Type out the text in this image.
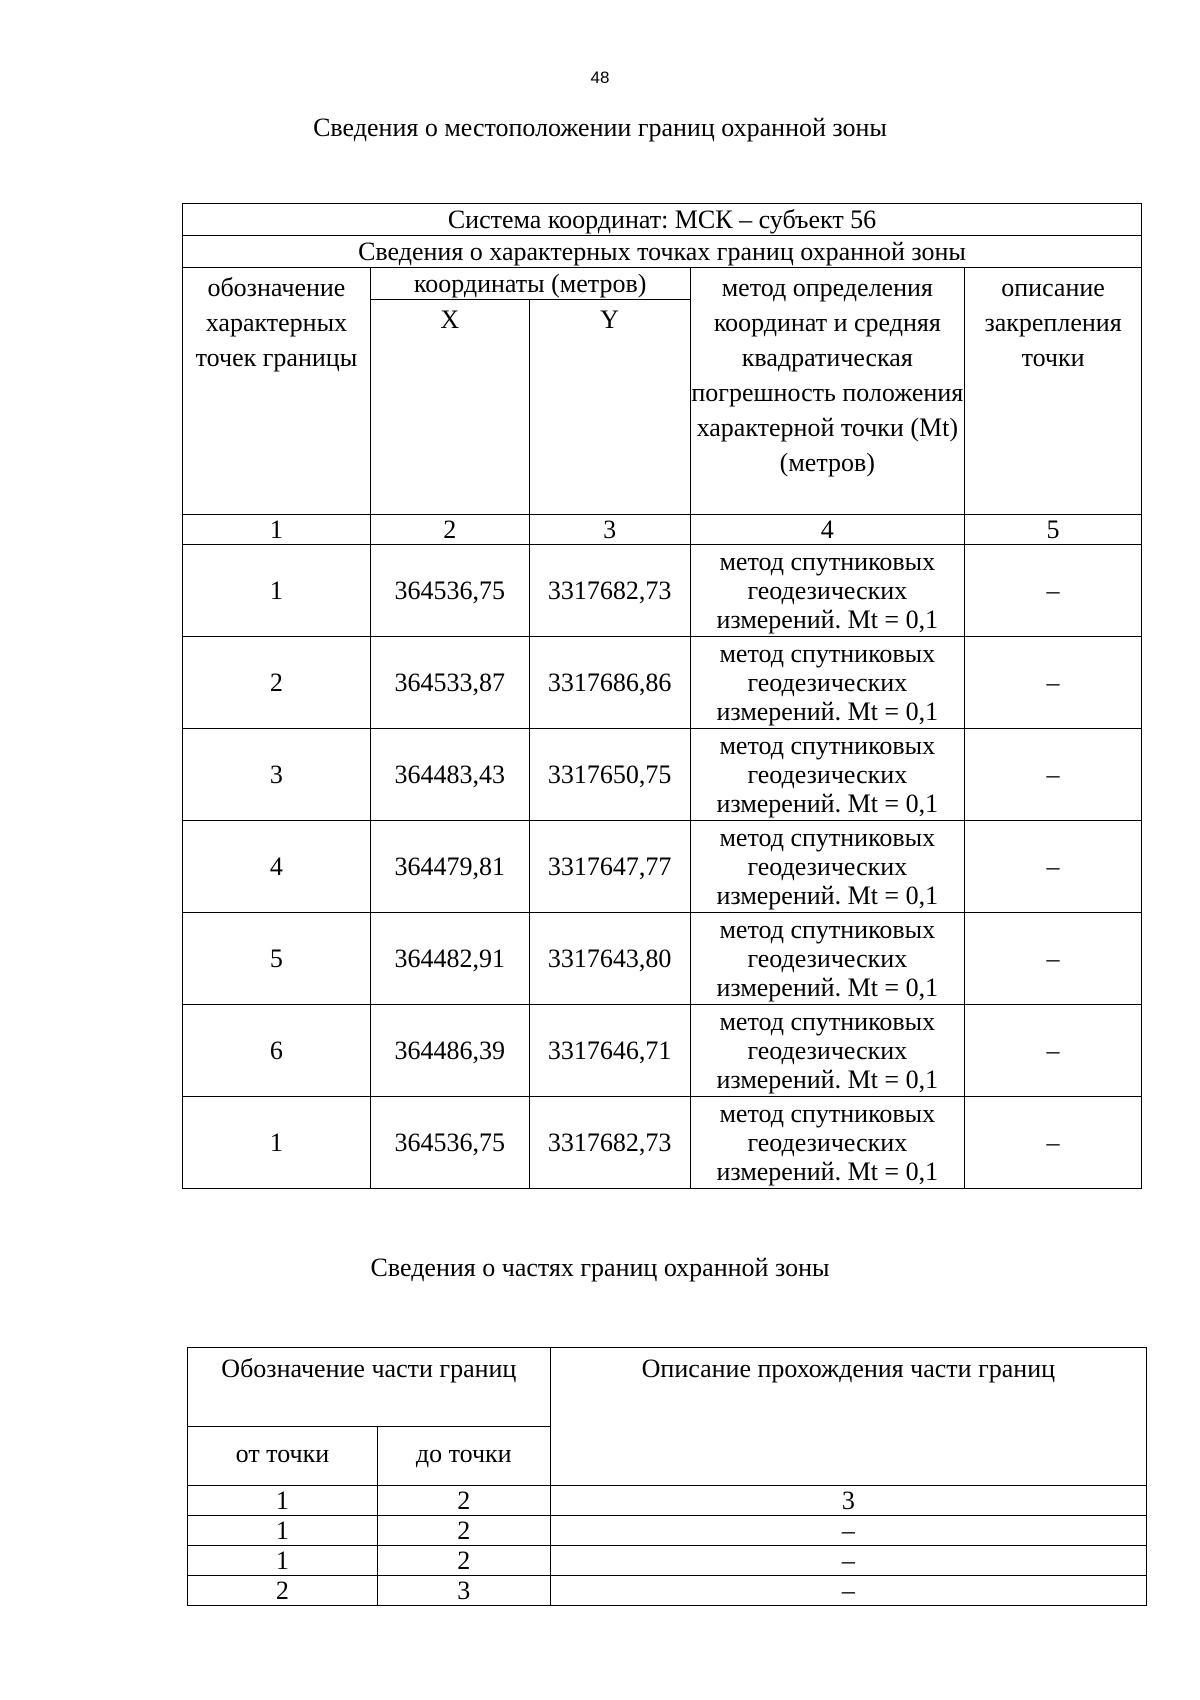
48
Сведения о местоположении границ охранной зоны
Система координат: МСК – субъект 56				
Сведения о характерных точках границ охранной зоны				
обозначение характерных точек границы	координаты (метров)		метод определения координат и средняя квадратическая погрешность положения характерной точки (Mt) (метров)	описание закрепления точки
	X	Y		
1	2	3	4	5
1	364536,75	3317682,73	метод спутниковых геодезических измерений. Mt = 0,1	–
2	364533,87	3317686,86	метод спутниковых геодезических измерений. Mt = 0,1	–
3	364483,43	3317650,75	метод спутниковых геодезических измерений. Mt = 0,1	–
4	364479,81	3317647,77	метод спутниковых геодезических измерений. Mt = 0,1	–
5	364482,91	3317643,80	метод спутниковых геодезических измерений. Mt = 0,1	–
6	364486,39	3317646,71	метод спутниковых геодезических измерений. Mt = 0,1	–
1	364536,75	3317682,73	метод спутниковых геодезических измерений. Mt = 0,1	–
Сведения о частях границ охранной зоны
Обозначение части границ		Описание прохождения части границ
от точки	до точки	
1	2	3
1	2	–
1	2	–
2	3	–
